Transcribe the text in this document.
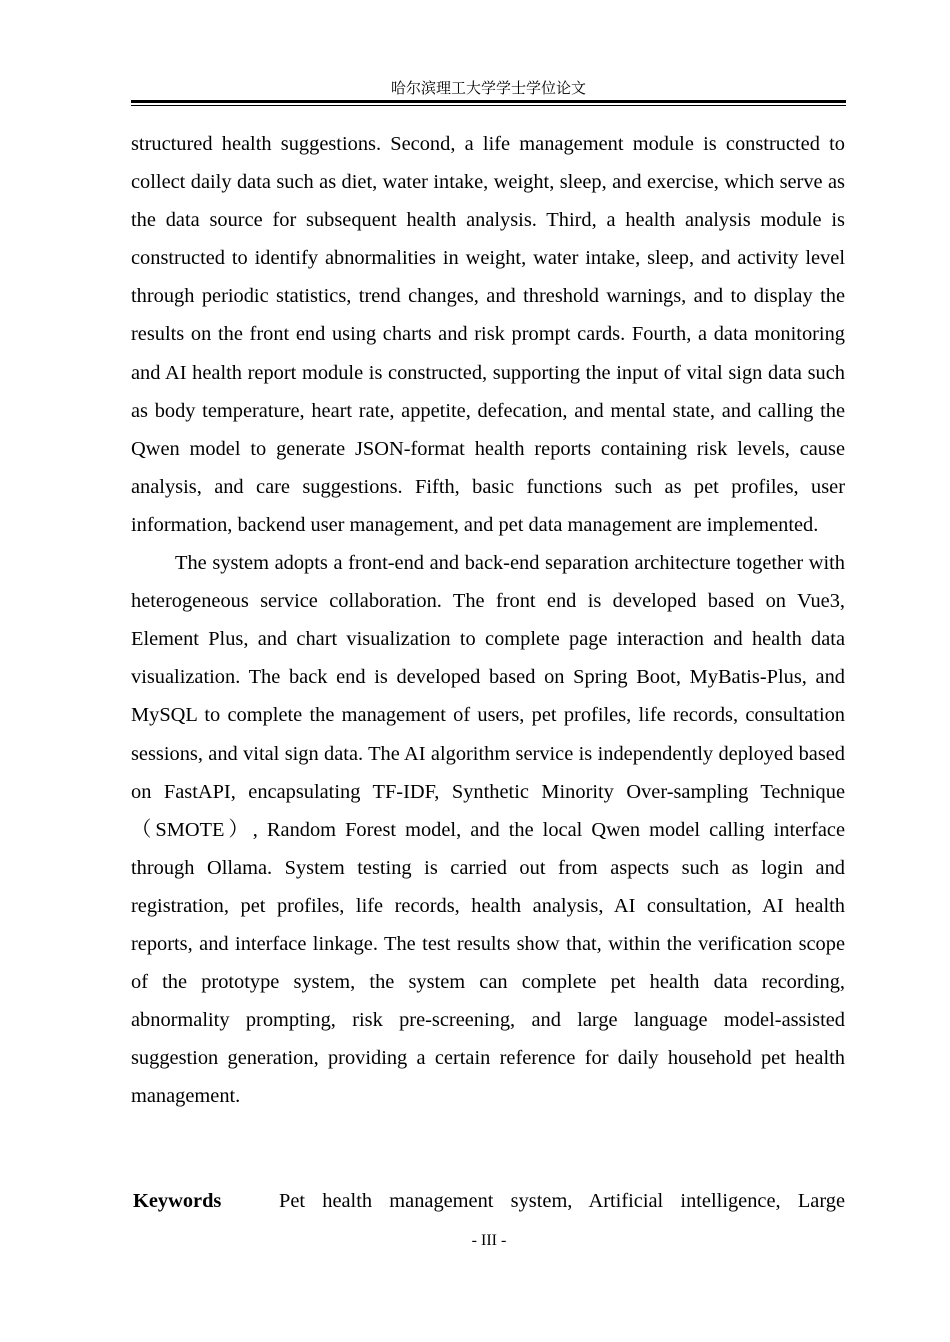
哈尔滨理工大学学士学位论文

structured health suggestions. Second, a life management module is constructed to collect daily data such as diet, water intake, weight, sleep, and exercise, which serve as the data source for subsequent health analysis. Third, a health analysis module is constructed to identify abnormalities in weight, water intake, sleep, and activity level through periodic statistics, trend changes, and threshold warnings, and to display the results on the front end using charts and risk prompt cards. Fourth, a data monitoring and AI health report module is constructed, supporting the input of vital sign data such as body temperature, heart rate, appetite, defecation, and mental state, and calling the Qwen model to generate JSON-format health reports containing risk levels, cause analysis, and care suggestions. Fifth, basic functions such as pet profiles, user information, backend user management, and pet data management are implemented.

The system adopts a front-end and back-end separation architecture together with heterogeneous service collaboration. The front end is developed based on Vue3, Element Plus, and chart visualization to complete page interaction and health data visualization. The back end is developed based on Spring Boot, MyBatis-Plus, and MySQL to complete the management of users, pet profiles, life records, consultation sessions, and vital sign data. The AI algorithm service is independently deployed based on FastAPI, encapsulating TF-IDF, Synthetic Minority Over-sampling Technique（SMOTE）, Random Forest model, and the local Qwen model calling interface through Ollama. System testing is carried out from aspects such as login and registration, pet profiles, life records, health analysis, AI consultation, AI health reports, and interface linkage. The test results show that, within the verification scope of the prototype system, the system can complete pet health data recording, abnormality prompting, risk pre-screening, and large language model-assisted suggestion generation, providing a certain reference for daily household pet health management.

Keywords	Pet health management system, Artificial intelligence, Large
- III -
